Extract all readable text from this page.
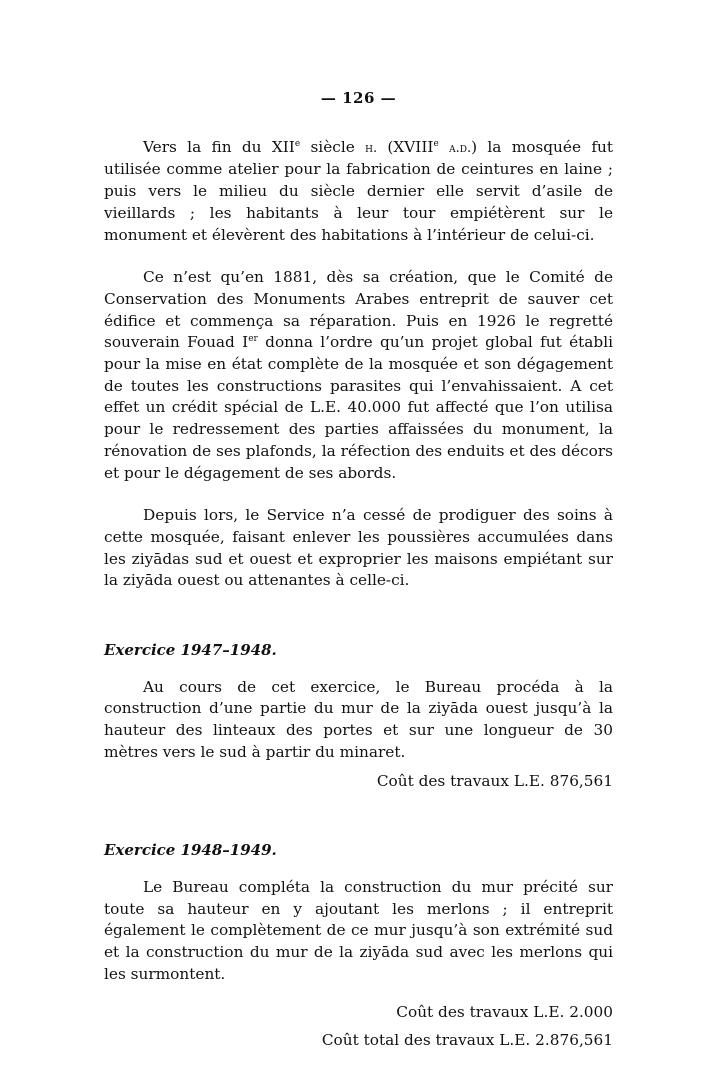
— 126 —

Vers la fin du XIIe siècle h. (XVIIIe a.d.) la mosquée fut utilisée comme atelier pour la fabrication de ceintures en laine ; puis vers le milieu du siècle dernier elle servit d’asile de vieillards ; les habitants à leur tour empiétèrent sur le monument et élevèrent des habitations à l’intérieur de celui-ci.

Ce n’est qu’en 1881, dès sa création, que le Comité de Conservation des Monuments Arabes entreprit de sauver cet édifice et commença sa réparation. Puis en 1926 le regretté souverain Fouad Ier donna l’ordre qu’un projet global fut établi pour la mise en état complète de la mosquée et son dégagement de toutes les constructions parasites qui l’envahissaient. A cet effet un crédit spécial de L.E. 40.000 fut affecté que l’on utilisa pour le redressement des parties affaissées du monument, la rénovation de ses plafonds, la réfection des enduits et des décors et pour le dégagement de ses abords.

Depuis lors, le Service n’a cessé de prodiguer des soins à cette mosquée, faisant enlever les poussières accumulées dans les ziyādas sud et ouest et exproprier les maisons empiétant sur la ziyāda ouest ou attenantes à celle-ci.

Exercice 1947–1948.

Au cours de cet exercice, le Bureau procéda à la construction d’une partie du mur de la ziyāda ouest jusqu’à la hauteur des linteaux des portes et sur une longueur de 30 mètres vers le sud à partir du minaret.

Coût des travaux L.E. 876,561
Exercice 1948–1949.

Le Bureau compléta la construction du mur précité sur toute sa hauteur en y ajoutant les merlons ; il entreprit également le complètement de ce mur jusqu’à son extrémité sud et la construction du mur de la ziyāda sud avec les merlons qui les surmontent.

Coût des travaux L.E. 2.000
Coût total des travaux L.E. 2.876,561
